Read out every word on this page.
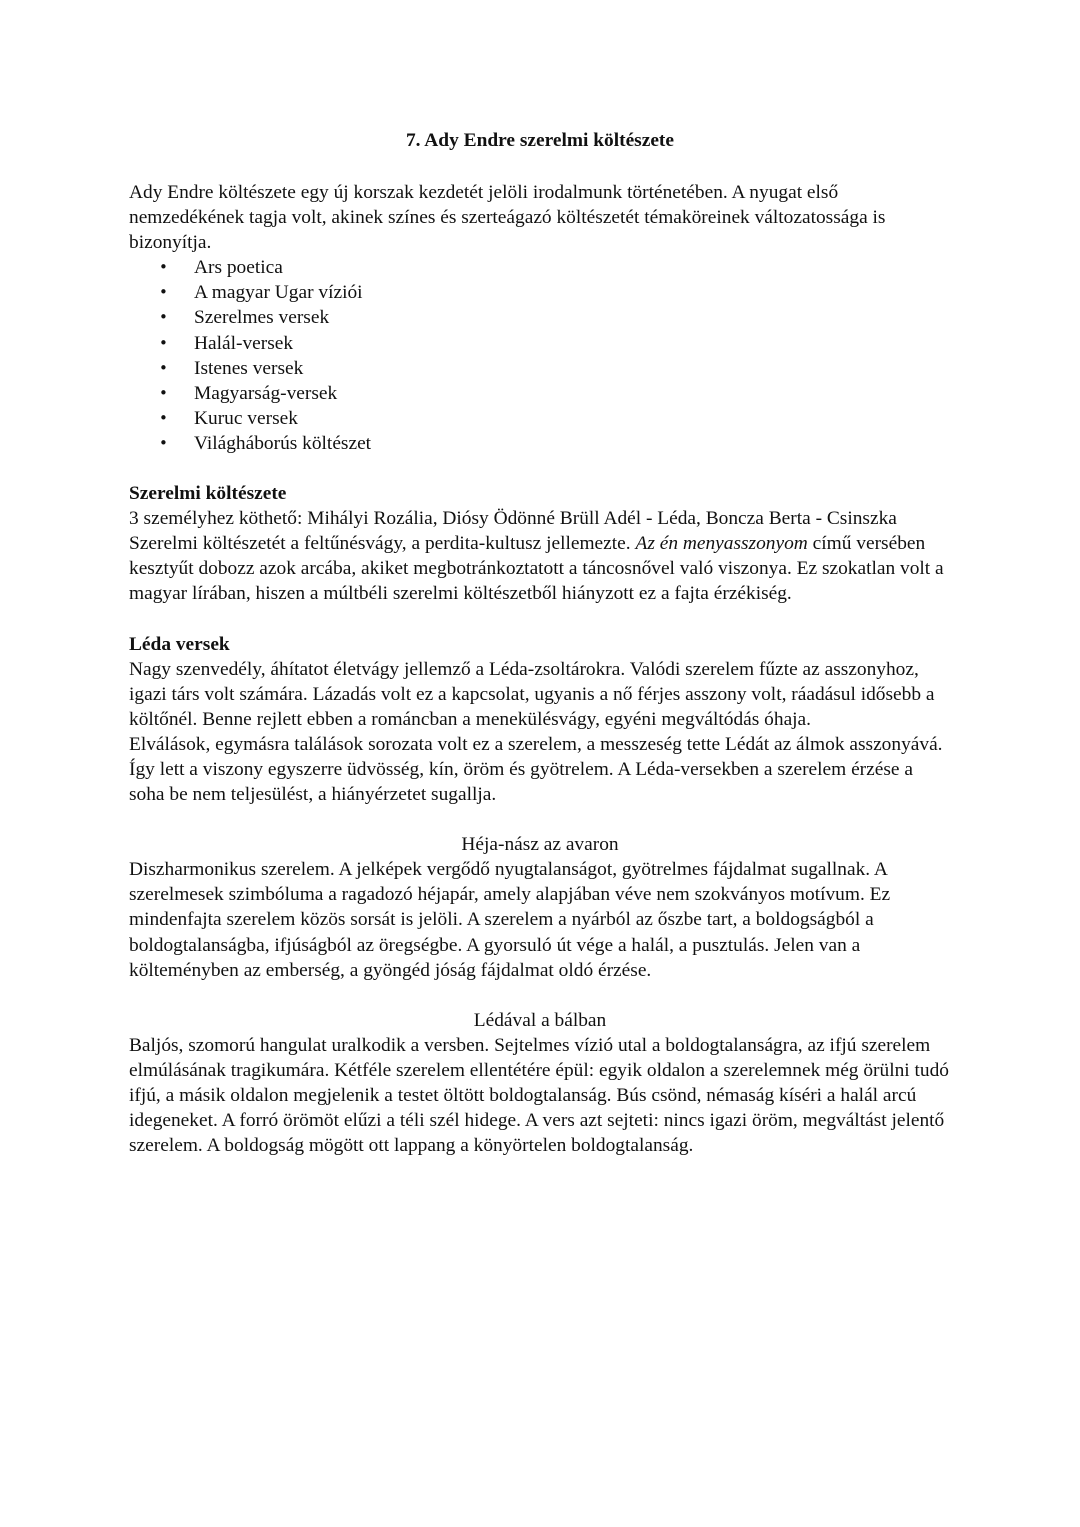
7. Ady Endre szerelmi költészete

Ady Endre költészete egy új korszak kezdetét jelöli irodalmunk történetében. A nyugat első nemzedékének tagja volt, akinek színes és szerteágazó költészetét témaköreinek változatossága is bizonyítja.

• Ars poetica
• A magyar Ugar víziói
• Szerelmes versek
• Halál-versek
• Istenes versek
• Magyarság-versek
• Kuruc versek
• Világháborús költészet
Szerelmi költészete

3 személyhez köthető: Mihályi Rozália, Diósy Ödönné Brüll Adél - Léda, Boncza Berta - Csinszka

Szerelmi költészetét a feltűnésvágy, a perdita-kultusz jellemezte. Az én menyasszonyom című versében kesztyűt dobozz azok arcába, akiket megbotránkoztatott a táncosnővel való viszonya. Ez szokatlan volt a magyar lírában, hiszen a múltbéli szerelmi költészetből hiányzott ez a fajta érzékiség.

Léda versek

Nagy szenvedély, áhítatot életvágy jellemző a Léda-zsoltárokra. Valódi szerelem fűzte az asszonyhoz, igazi társ volt számára. Lázadás volt ez a kapcsolat, ugyanis a nő férjes asszony volt, ráadásul idősebb a költőnél. Benne rejlett ebben a románcban a menekülésvágy, egyéni megváltódás óhaja.

Elválások, egymásra találások sorozata volt ez a szerelem, a messzeség tette Lédát az álmok asszonyává. Így lett a viszony egyszerre üdvösség, kín, öröm és gyötrelem. A Léda-versekben a szerelem érzése a soha be nem teljesülést, a hiányérzetet sugallja.

Héja-nász az avaron

Diszharmonikus szerelem. A jelképek vergődő nyugtalanságot, gyötrelmes fájdalmat sugallnak. A szerelmesek szimbóluma a ragadozó héjapár, amely alapjában véve nem szokványos motívum. Ez mindenfajta szerelem közös sorsát is jelöli. A szerelem a nyárból az őszbe tart, a boldogságból a boldogtalanságba, ifjúságból az öregségbe. A gyorsuló út vége a halál, a pusztulás. Jelen van a költeményben az emberség, a gyöngéd jóság fájdalmat oldó érzése.

Lédával a bálban

Baljós, szomorú hangulat uralkodik a versben. Sejtelmes vízió utal a boldogtalanságra, az ifjú szerelem elmúlásának tragikumára. Kétféle szerelem ellentétére épül: egyik oldalon a szerelemnek még örülni tudó ifjú, a másik oldalon megjelenik a testet öltött boldogtalanság. Bús csönd, némaság kíséri a halál arcú idegeneket. A forró örömöt elűzi a téli szél hidege. A vers azt sejteti: nincs igazi öröm, megváltást jelentő szerelem. A boldogság mögött ott lappang a könyörtelen boldogtalanság.
